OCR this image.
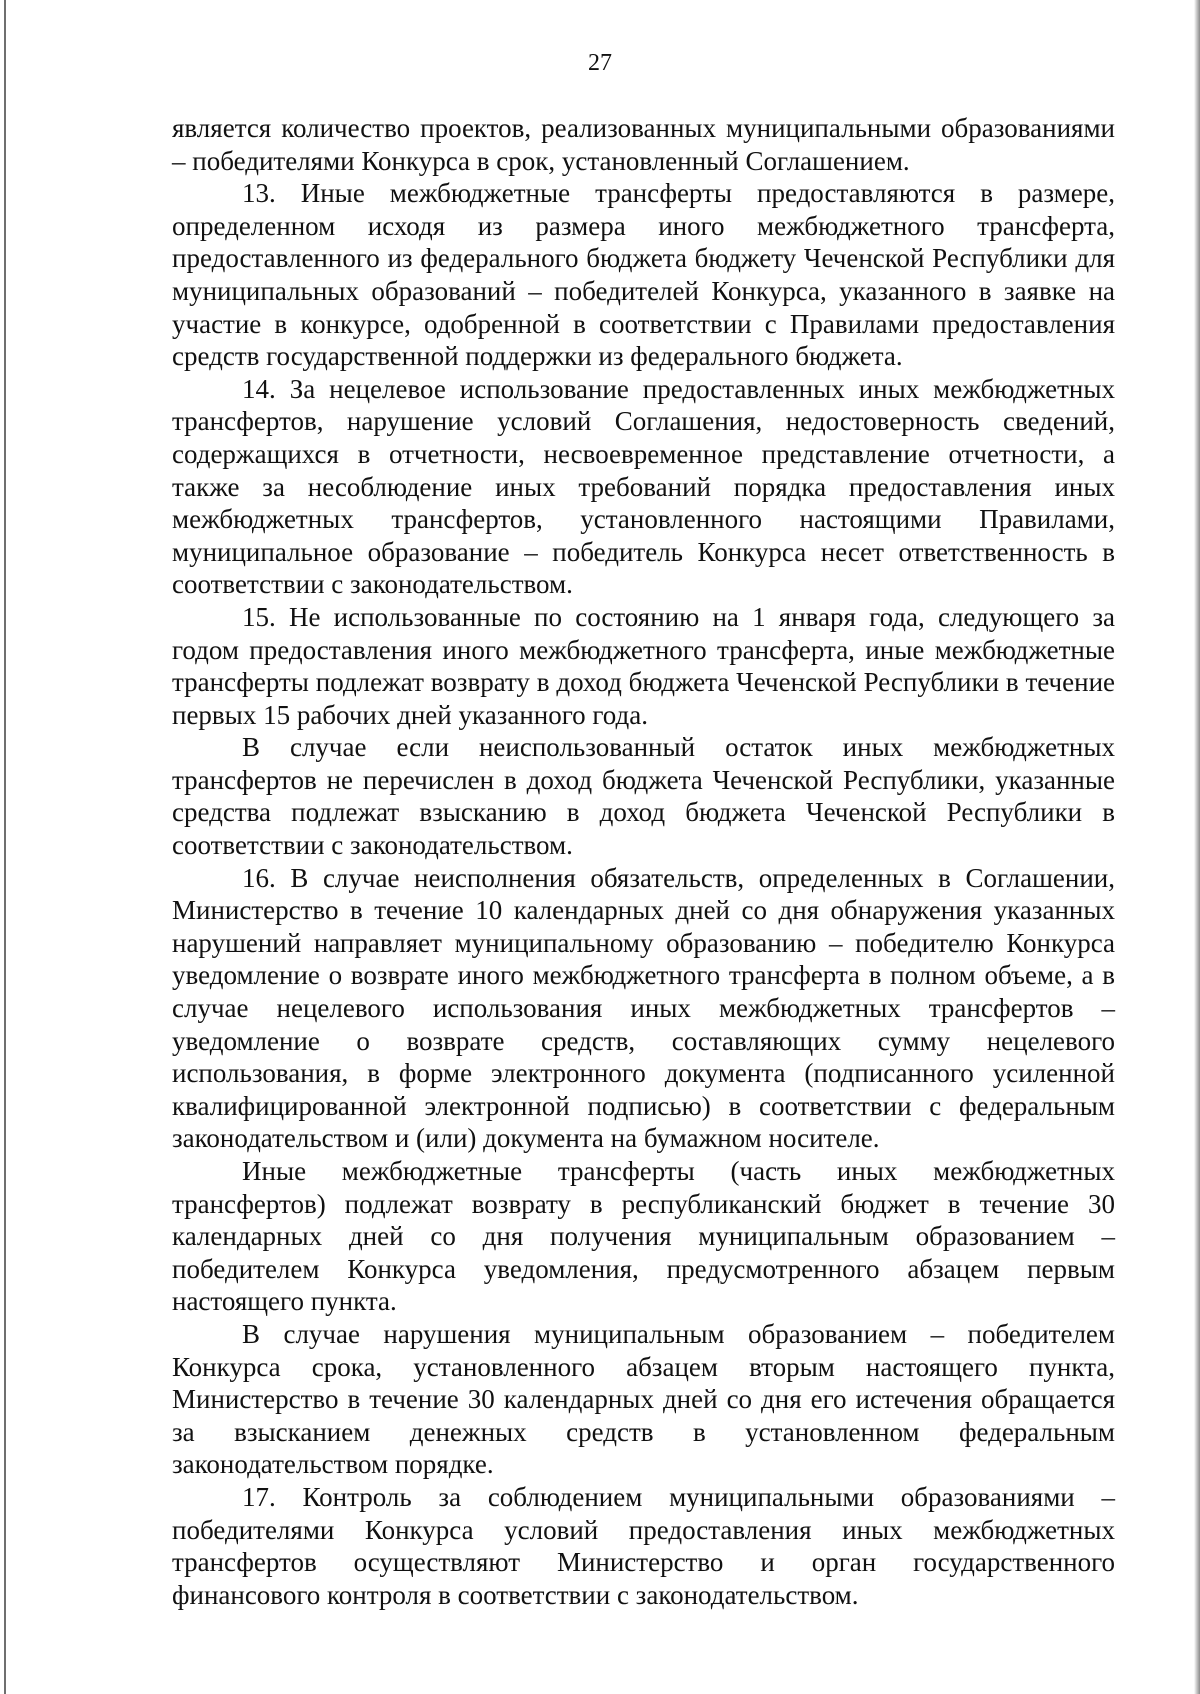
27

является количество проектов, реализованных муниципальными образованиями – победителями Конкурса в срок, установленный Соглашением.

13. Иные межбюджетные трансферты предоставляются в размере, определенном исходя из размера иного межбюджетного трансферта, предоставленного из федерального бюджета бюджету Чеченской Республики для муниципальных образований – победителей Конкурса, указанного в заявке на участие в конкурсе, одобренной в соответствии с Правилами предоставления средств государственной поддержки из федерального бюджета.

14. За нецелевое использование предоставленных иных межбюджетных трансфертов, нарушение условий Соглашения, недостоверность сведений, содержащихся в отчетности, несвоевременное представление отчетности, а также за несоблюдение иных требований порядка предоставления иных межбюджетных трансфертов, установленного настоящими Правилами, муниципальное образование – победитель Конкурса несет ответственность в соответствии с законодательством.

15. Не использованные по состоянию на 1 января года, следующего за годом предоставления иного межбюджетного трансферта, иные межбюджетные трансферты подлежат возврату в доход бюджета Чеченской Республики в течение первых 15 рабочих дней указанного года.

В случае если неиспользованный остаток иных межбюджетных трансфертов не перечислен в доход бюджета Чеченской Республики, указанные средства подлежат взысканию в доход бюджета Чеченской Республики в соответствии с законодательством.

16. В случае неисполнения обязательств, определенных в Соглашении, Министерство в течение 10 календарных дней со дня обнаружения указанных нарушений направляет муниципальному образованию – победителю Конкурса уведомление о возврате иного межбюджетного трансферта в полном объеме, а в случае нецелевого использования иных межбюджетных трансфертов – уведомление о возврате средств, составляющих сумму нецелевого использования, в форме электронного документа (подписанного усиленной квалифицированной электронной подписью) в соответствии с федеральным законодательством и (или) документа на бумажном носителе.

Иные межбюджетные трансферты (часть иных межбюджетных трансфертов) подлежат возврату в республиканский бюджет в течение 30 календарных дней со дня получения муниципальным образованием – победителем Конкурса уведомления, предусмотренного абзацем первым настоящего пункта.

В случае нарушения муниципальным образованием – победителем Конкурса срока, установленного абзацем вторым настоящего пункта, Министерство в течение 30 календарных дней со дня его истечения обращается за взысканием денежных средств в установленном федеральным законодательством порядке.

17. Контроль за соблюдением муниципальными образованиями – победителями Конкурса условий предоставления иных межбюджетных трансфертов осуществляют Министерство и орган государственного финансового контроля в соответствии с законодательством.
